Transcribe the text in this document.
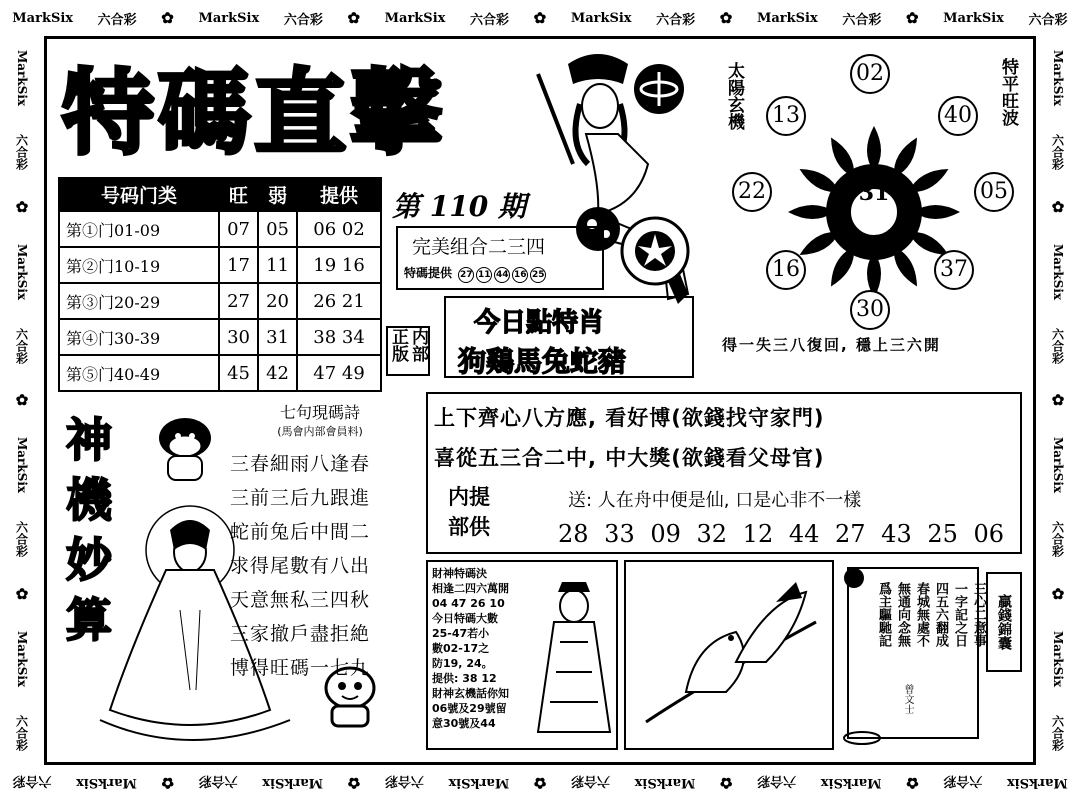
MarkSix 六合彩 ✿ MarkSix 六合彩 ✿ MarkSix 六合彩 ✿ MarkSix 六合彩 ✿ MarkSix 六合彩 ✿ MarkSix 六合彩
MarkSix
六合彩
✿
MarkSix
六合彩
✿
MarkSix
六合彩
✿
MarkSix
六合彩
✿
MarkSix
六合彩
✿
MarkSix
六合彩
MarkSix
六合彩
✿
MarkSix
六合彩
✿
MarkSix
六合彩
✿
MarkSix
六合彩
MarkSix
六合彩
✿
MarkSix
六合彩
✿
MarkSix
六合彩
✿
MarkSix
六合彩
特碼直擊
号码门类	旺	弱	提供
第①门01-09	07	05	06 02
第②门10-19	17	11	19 16
第③门20-29	27	20	26 21
第④门30-39	30	31	38 34
第⑤门40-49	45	42	47 49
第 110 期
完美组合二三四
特碼提供 27 11 44 16 25
内部正版
今日點特肖
狗鷄馬兔蛇豬
太陽玄機	特平旺波
31
02
40
13
22	05
16	37
30
得一失三八復回, 穩上三六開
神機妙算
七句現碼詩
(馬會内部會員料)
三春細雨八逢春
三前三后九跟進
蛇前兔后中間二
求得尾數有八出
天意無私三四秋
三家撤戶盡拒絶
博得旺碼一七九
上下齊心八方應, 看好博(欲錢找守家門)
喜從五三合二中, 中大獎(欲錢看父母官)
内提部供
送: 人在舟中便是仙, 口是心非不一樣
28 33 09 32 12 44 27 43 25 06
財神特碼決
相逢二四六萬開
04 47 26 10
今日特碼大數
25-47若小
數02-17之
防19, 24。
提供: 38 12
財神玄機話你知
06號及29號留
意30號及44
三心二意事
一字記之日
四五六翻成
春城無處不
無通向念無
爲主驅馳記
曾文士
贏錢錦囊
